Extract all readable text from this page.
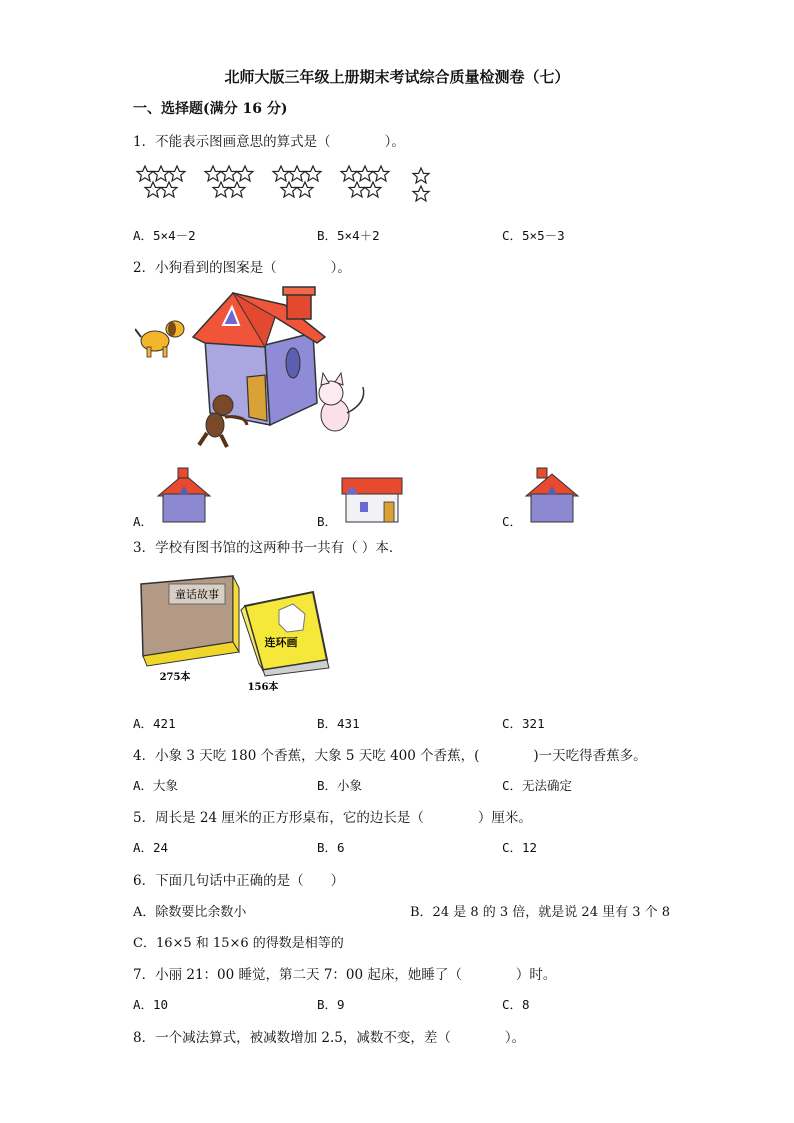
北师大版三年级上册期末考试综合质量检测卷（七）
一、选择题(满分 16 分)
1．不能表示图画意思的算式是（　　　　）。
A．5×4－2	B．5×4＋2	C．5×5－3
2．小狗看到的图案是（　　　　）。
A．	B．	C．
3．学校有图书馆的这两种书一共有（ ）本．
童话故事
275本
连环画
156本
A．421	B．431	C．321
4．小象 3 天吃 180 个香蕉，大象 5 天吃 400 个香蕉，(　　　　)一天吃得香蕉多。
A．大象	B．小象	C．无法确定
5．周长是 24 厘米的正方形桌布，它的边长是（　　　　）厘米。
A．24	B．6	C．12
6．下面几句话中正确的是（　　）
A．除数要比余数小	B．24 是 8 的 3 倍，就是说 24 里有 3 个 8
C．16×5 和 15×6 的得数是相等的
7．小丽 21：00 睡觉，第二天 7：00 起床，她睡了（　　　　）时。
A．10	B．9	C．8
8．一个减法算式，被减数增加 2.5，减数不变，差（　　　　）。
